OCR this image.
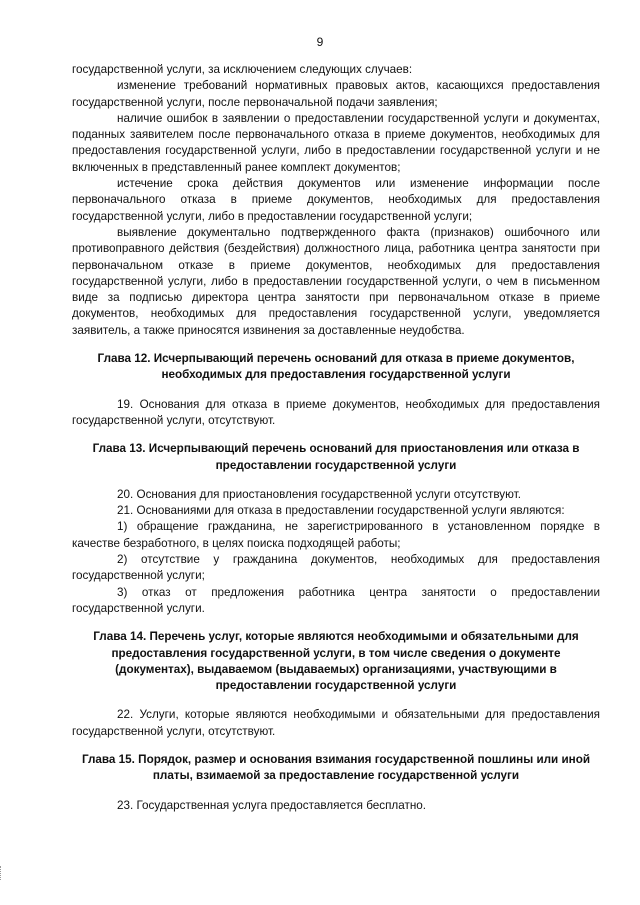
9

государственной услуги, за исключением следующих случаев:

изменение требований нормативных правовых актов, касающихся предоставления государственной услуги, после первоначальной подачи заявления;

наличие ошибок в заявлении о предоставлении государственной услуги и документах, поданных заявителем после первоначального отказа в приеме документов, необходимых для предоставления государственной услуги, либо в предоставлении государственной услуги и не включенных в представленный ранее комплект документов;

истечение срока действия документов или изменение информации после первоначального отказа в приеме документов, необходимых для предоставления государственной услуги, либо в предоставлении государственной услуги;

выявление документально подтвержденного факта (признаков) ошибочного или противоправного действия (бездействия) должностного лица, работника центра занятости при первоначальном отказе в приеме документов, необходимых для предоставления государственной услуги, либо в предоставлении государственной услуги, о чем в письменном виде за подписью директора центра занятости при первоначальном отказе в приеме документов, необходимых для предоставления государственной услуги, уведомляется заявитель, а также приносятся извинения за доставленные неудобства.

Глава 12. Исчерпывающий перечень оснований для отказа в приеме документов, необходимых для предоставления государственной услуги

19. Основания для отказа в приеме документов, необходимых для предоставления государственной услуги, отсутствуют.

Глава 13. Исчерпывающий перечень оснований для приостановления или отказа в предоставлении государственной услуги

20. Основания для приостановления государственной услуги отсутствуют.

21. Основаниями для отказа в предоставлении государственной услуги являются:

1) обращение гражданина, не зарегистрированного в установленном порядке в качестве безработного, в целях поиска подходящей работы;

2) отсутствие у гражданина документов, необходимых для предоставления государственной услуги;

3) отказ от предложения работника центра занятости о предоставлении государственной услуги.

Глава 14. Перечень услуг, которые являются необходимыми и обязательными для предоставления государственной услуги, в том числе сведения о документе (документах), выдаваемом (выдаваемых) организациями, участвующими в предоставлении государственной услуги

22. Услуги, которые являются необходимыми и обязательными для предоставления государственной услуги, отсутствуют.

Глава 15. Порядок, размер и основания взимания государственной пошлины или иной платы, взимаемой за предоставление государственной услуги

23. Государственная услуга предоставляется бесплатно.
